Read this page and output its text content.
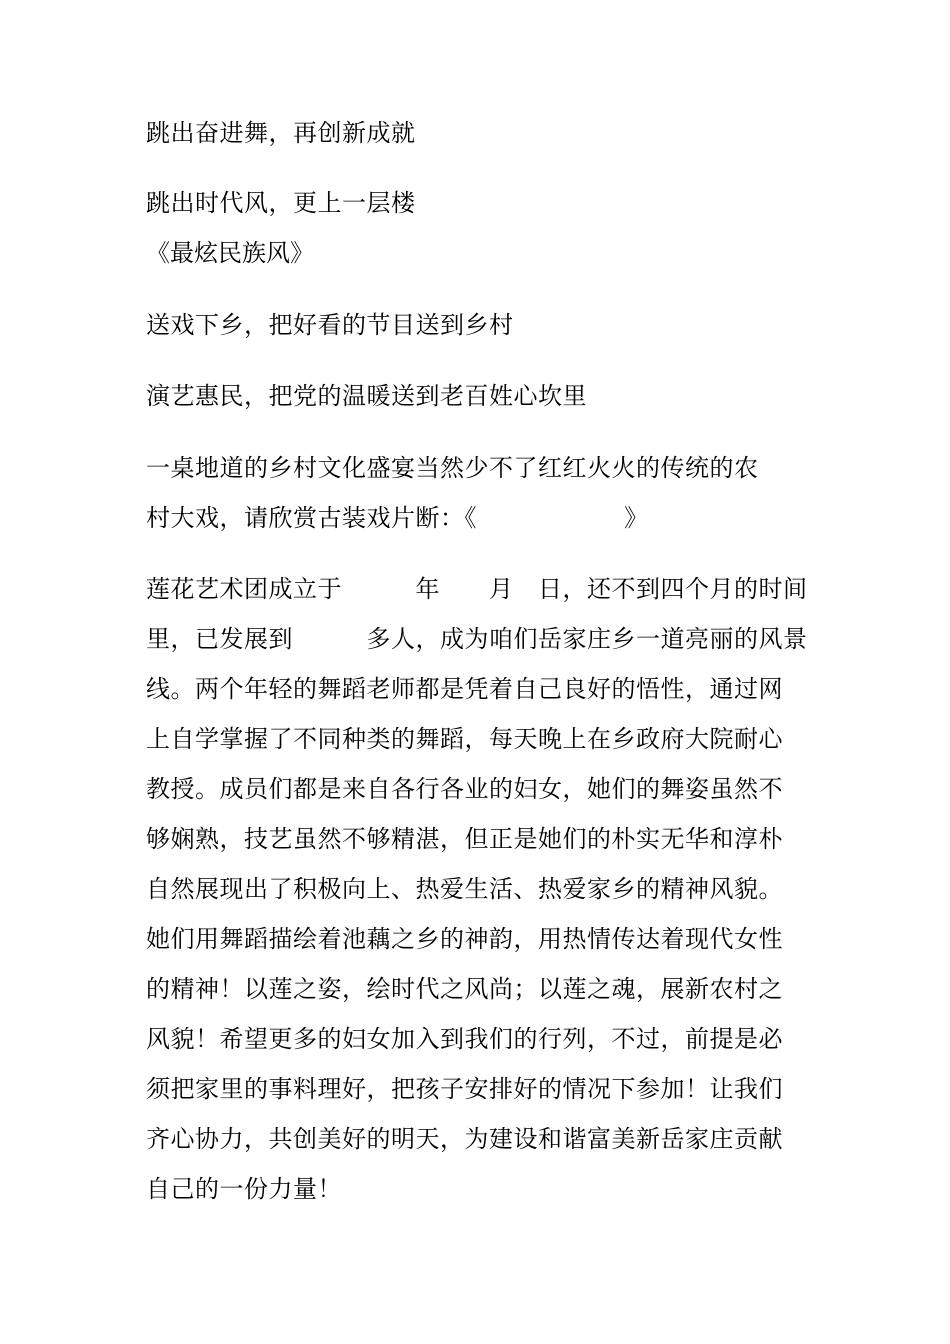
跳出奋进舞，再创新成就
跳出时代风，更上一层楼
《最炫民族风》
送戏下乡，把好看的节目送到乡村
演艺惠民，把党的温暖送到老百姓心坎里
一桌地道的乡村文化盛宴当然少不了红红火火的传统的农
村大戏，请欣赏古装戏片断：《　　　　　　》
莲花艺术团成立于　　　年　　月　日，还不到四个月的时间
里，已发展到　　　多人，成为咱们岳家庄乡一道亮丽的风景
线。两个年轻的舞蹈老师都是凭着自己良好的悟性，通过网
上自学掌握了不同种类的舞蹈，每天晚上在乡政府大院耐心
教授。成员们都是来自各行各业的妇女，她们的舞姿虽然不
够娴熟，技艺虽然不够精湛，但正是她们的朴实无华和淳朴
自然展现出了积极向上、热爱生活、热爱家乡的精神风貌。
她们用舞蹈描绘着池藕之乡的神韵，用热情传达着现代女性
的精神！以莲之姿，绘时代之风尚；以莲之魂，展新农村之
风貌！希望更多的妇女加入到我们的行列，不过，前提是必
须把家里的事料理好，把孩子安排好的情况下参加！让我们
齐心协力，共创美好的明天，为建设和谐富美新岳家庄贡献
自己的一份力量！
